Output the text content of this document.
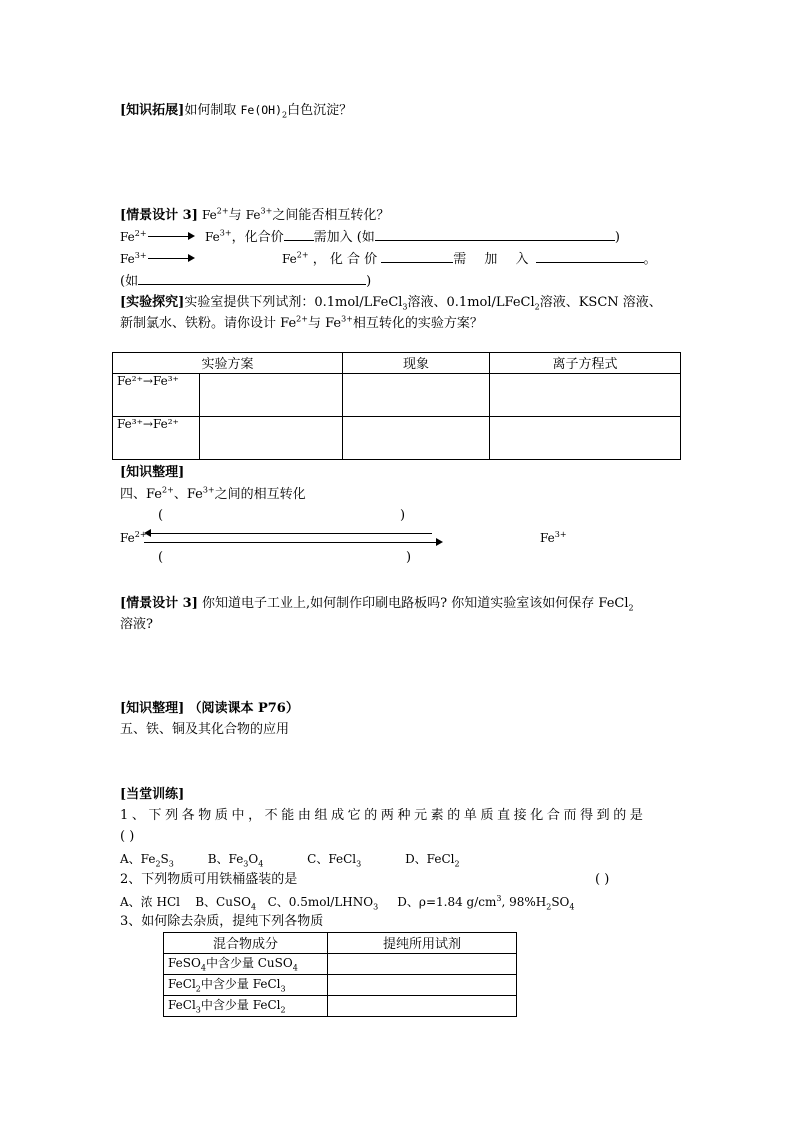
[知识拓展]如何制取 $Fe(OH)_2$白色沉淀？
[情景设计 3] $Fe^{2+}$与 $Fe^{3+}$之间能否相互转化？
$Fe^{2+}$	$Fe^{3+}$，化合价 需加入 (如	)
$Fe^{3+}$	$Fe^{2+}$ ， 化 合 价	需 加 入	。
(如	)
[实验探究]实验室提供下列试剂：0.1mol/LFeCl$_3$溶液、0.1mol/LFeCl$_2$溶液、KSCN 溶液、
新制氯水、铁粉。请你设计 $Fe^{2+}$与 $Fe^{3+}$相互转化的实验方案？
实验方案		现象	离子方程式
Fe²⁺→Fe³⁺			
Fe³⁺→Fe²⁺			
[知识整理]
四、$Fe^{2+}$、$Fe^{3+}$之间的相互转化
(	)
$Fe^{2+}$	$Fe^{3+}$
(	)
[情景设计 3] 你知道电子工业上,如何制作印刷电路板吗? 你知道实验室该如何保存 FeCl$_2$
溶液?
[知识整理] （阅读课本 P76）
五、铁、铜及其化合物的应用
[当堂训练]
1、下列各物质中，不能由组成它的两种元素的单质直接化合而得到的是
( )
A、$Fe_2S_3$	B、$Fe_3O_4$	C、FeCl$_3$	D、FeCl$_2$
2、下列物质可用铁桶盛装的是	( )
A、浓 HCl B、CuSO$_4$ C、$0.5mol/LHNO_3$ D、ρ=1.84 $g/cm^3$, $98\%H_2SO_4$
3、如何除去杂质，提纯下列各物质
混合物成分	提纯所用试剂
FeSO$_4$中含少量 CuSO$_4$	
FeCl$_2$中含少量 FeCl$_3$	
FeCl$_3$中含少量 FeCl$_2$	
